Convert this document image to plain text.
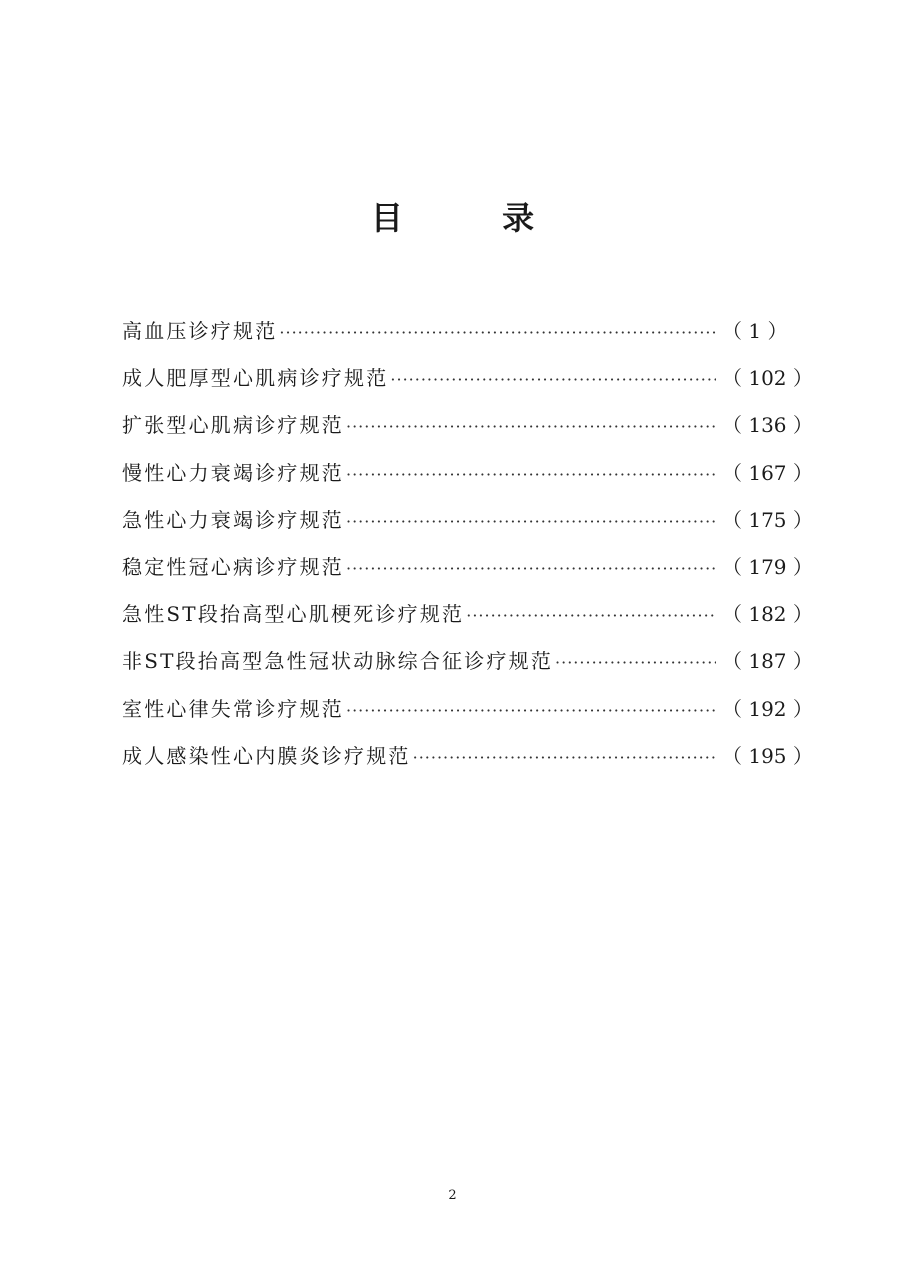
目 录
高血压诊疗规范 ·····	（ 1 ）
成人肥厚型心肌病诊疗规范 ·····	（ 102 ）
扩张型心肌病诊疗规范 ·····	（ 136 ）
慢性心力衰竭诊疗规范 ·····	（ 167 ）
急性心力衰竭诊疗规范 ·····	（ 175 ）
稳定性冠心病诊疗规范 ·····	（ 179 ）
急性ST段抬高型心肌梗死诊疗规范 ·····	（ 182 ）
非ST段抬高型急性冠状动脉综合征诊疗规范 ·····	（ 187 ）
室性心律失常诊疗规范 ·····	（ 192 ）
成人感染性心内膜炎诊疗规范 ·····	（ 195 ）
2
